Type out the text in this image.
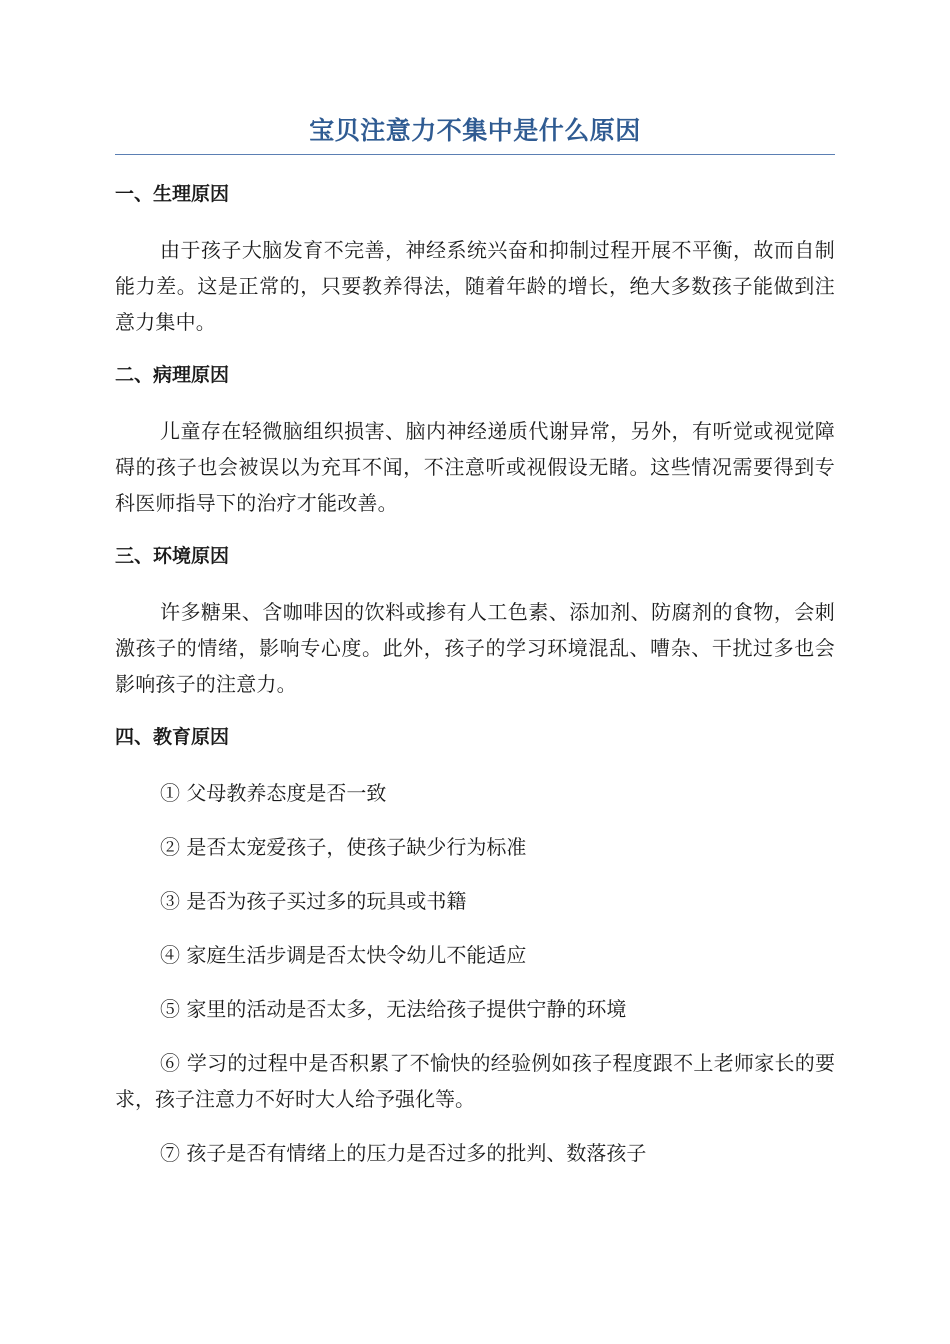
宝贝注意力不集中是什么原因
一、生理原因

由于孩子大脑发育不完善，神经系统兴奋和抑制过程开展不平衡，故而自制能力差。这是正常的，只要教养得法，随着年龄的增长，绝大多数孩子能做到注意力集中。

二、病理原因

儿童存在轻微脑组织损害、脑内神经递质代谢异常，另外，有听觉或视觉障碍的孩子也会被误以为充耳不闻，不注意听或视假设无睹。这些情况需要得到专科医师指导下的治疗才能改善。

三、环境原因

许多糖果、含咖啡因的饮料或掺有人工色素、添加剂、防腐剂的食物，会刺激孩子的情绪，影响专心度。此外，孩子的学习环境混乱、嘈杂、干扰过多也会影响孩子的注意力。

四、教育原因

① 父母教养态度是否一致

② 是否太宠爱孩子，使孩子缺少行为标准

③ 是否为孩子买过多的玩具或书籍

④ 家庭生活步调是否太快令幼儿不能适应

⑤ 家里的活动是否太多，无法给孩子提供宁静的环境

⑥ 学习的过程中是否积累了不愉快的经验例如孩子程度跟不上老师家长的要求，孩子注意力不好时大人给予强化等。

⑦ 孩子是否有情绪上的压力是否过多的批判、数落孩子
